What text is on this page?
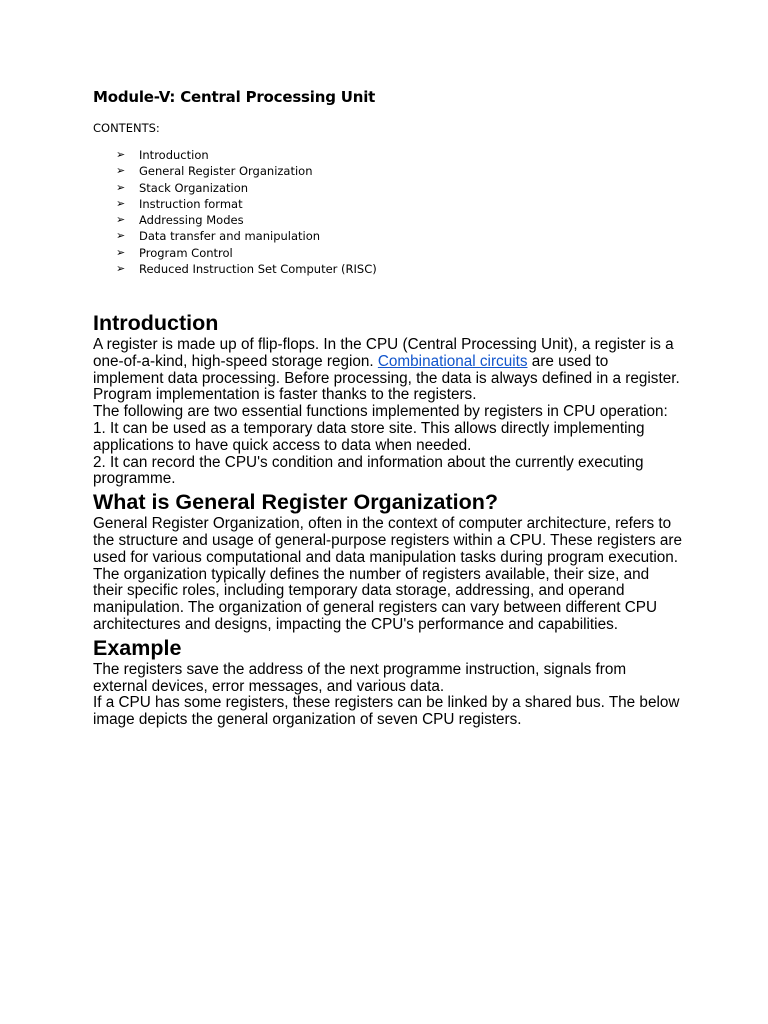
Module-V: Central Processing Unit
CONTENTS:
➢ Introduction
➢ General Register Organization
➢ Stack Organization
➢ Instruction format
➢ Addressing Modes
➢ Data transfer and manipulation
➢ Program Control
➢ Reduced Instruction Set Computer (RISC)
Introduction

A register is made up of flip-flops. In the CPU (Central Processing Unit), a register is a one-of-a-kind, high-speed storage region. Combinational circuits are used to implement data processing. Before processing, the data is always defined in a register. Program implementation is faster thanks to the registers.

The following are two essential functions implemented by registers in CPU operation:

1. It can be used as a temporary data store site. This allows directly implementing applications to have quick access to data when needed.

2. It can record the CPU's condition and information about the currently executing programme.

What is General Register Organization?

General Register Organization, often in the context of computer architecture, refers to the structure and usage of general-purpose registers within a CPU. These registers are used for various computational and data manipulation tasks during program execution. The organization typically defines the number of registers available, their size, and their specific roles, including temporary data storage, addressing, and operand manipulation. The organization of general registers can vary between different CPU architectures and designs, impacting the CPU's performance and capabilities.

Example

The registers save the address of the next programme instruction, signals from external devices, error messages, and various data.

If a CPU has some registers, these registers can be linked by a shared bus. The below image depicts the general organization of seven CPU registers.
